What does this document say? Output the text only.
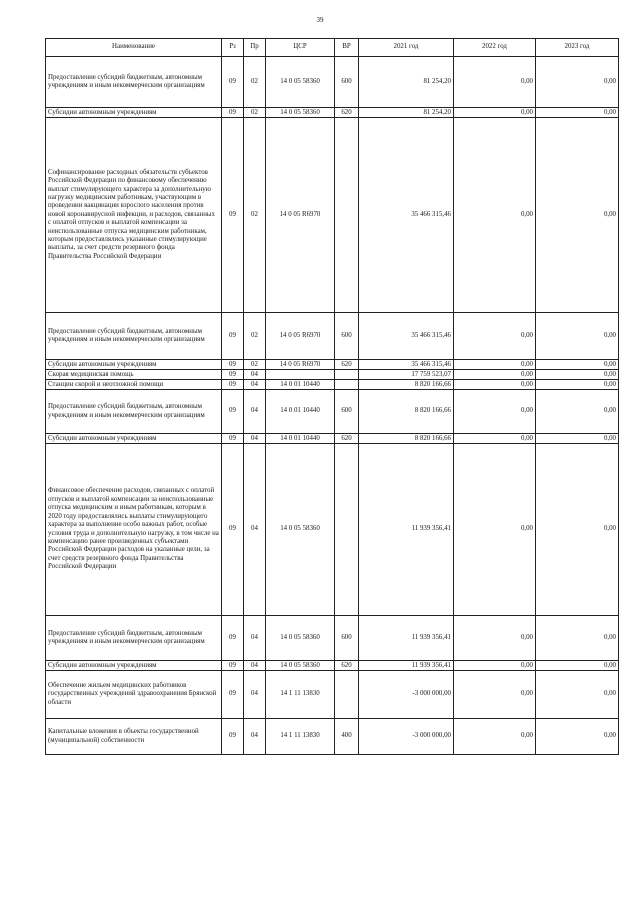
39
Наименование	Рз	Пр	ЦСР	ВР	2021 год	2022 год	2023 год
Предоставление субсидий бюджетным, автономным учреждениям и иным некоммерческим организациям	09	02	14 0 05 58360	600	81 254,20	0,00	0,00
Субсидии автономным учреждениям	09	02	14 0 05 58360	620	81 254,20	0,00	0,00
Софинансирование расходных обязательств субъектов Российской Федерации по финансовому обеспечению выплат стимулирующего характера за дополнительную нагрузку медицинским работникам, участвующим в проведении вакцинации взрослого населения против новой коронавирусной инфекции, и расходов, связанных с оплатой отпусков и выплатой компенсации за неиспользованные отпуска медицинским работникам, которым предоставлялись указанные стимулирующие выплаты, за счет средств резервного фонда Правительства Российской Федерации	09	02	14 0 05 R6970		35 466 315,46	0,00	0,00
Предоставление субсидий бюджетным, автономным учреждениям и иным некоммерческим организациям	09	02	14 0 05 R6970	600	35 466 315,46	0,00	0,00
Субсидии автономным учреждениям	09	02	14 0 05 R6970	620	35 466 315,46	0,00	0,00
Скорая медицинская помощь	09	04			17 759 523,07	0,00	0,00
Станции скорой и неотложной помощи	09	04	14 0 01 10440		8 820 166,66	0,00	0,00
Предоставление субсидий бюджетным, автономным учреждениям и иным некоммерческим организациям	09	04	14 0 01 10440	600	8 820 166,66	0,00	0,00
Субсидии автономным учреждениям	09	04	14 0 01 10440	620	8 820 166,66	0,00	0,00
Финансовое обеспечение расходов, связанных с оплатой отпусков и выплатой компенсации за неиспользованные отпуска медицинским и иным работникам, которым в 2020 году предоставлялись выплаты стимулирующего характера за выполнение особо важных работ, особые условия труда и дополнительную нагрузку, в том числе на компенсацию ранее произведенных субъектами Российской Федерации расходов на указанные цели, за счет средств резервного фонда Правительства Российской Федерации	09	04	14 0 05 58360		11 939 356,41	0,00	0,00
Предоставление субсидий бюджетным, автономным учреждениям и иным некоммерческим организациям	09	04	14 0 05 58360	600	11 939 356,41	0,00	0,00
Субсидии автономным учреждениям	09	04	14 0 05 58360	620	11 939 356,41	0,00	0,00
Обеспечение жильем медицинских работников государственных учреждений здравоохранения Брянской области	09	04	14 1 11 13830		-3 000 000,00	0,00	0,00
Капитальные вложения в объекты государственной (муниципальной) собственности	09	04	14 1 11 13830	400	-3 000 000,00	0,00	0,00
